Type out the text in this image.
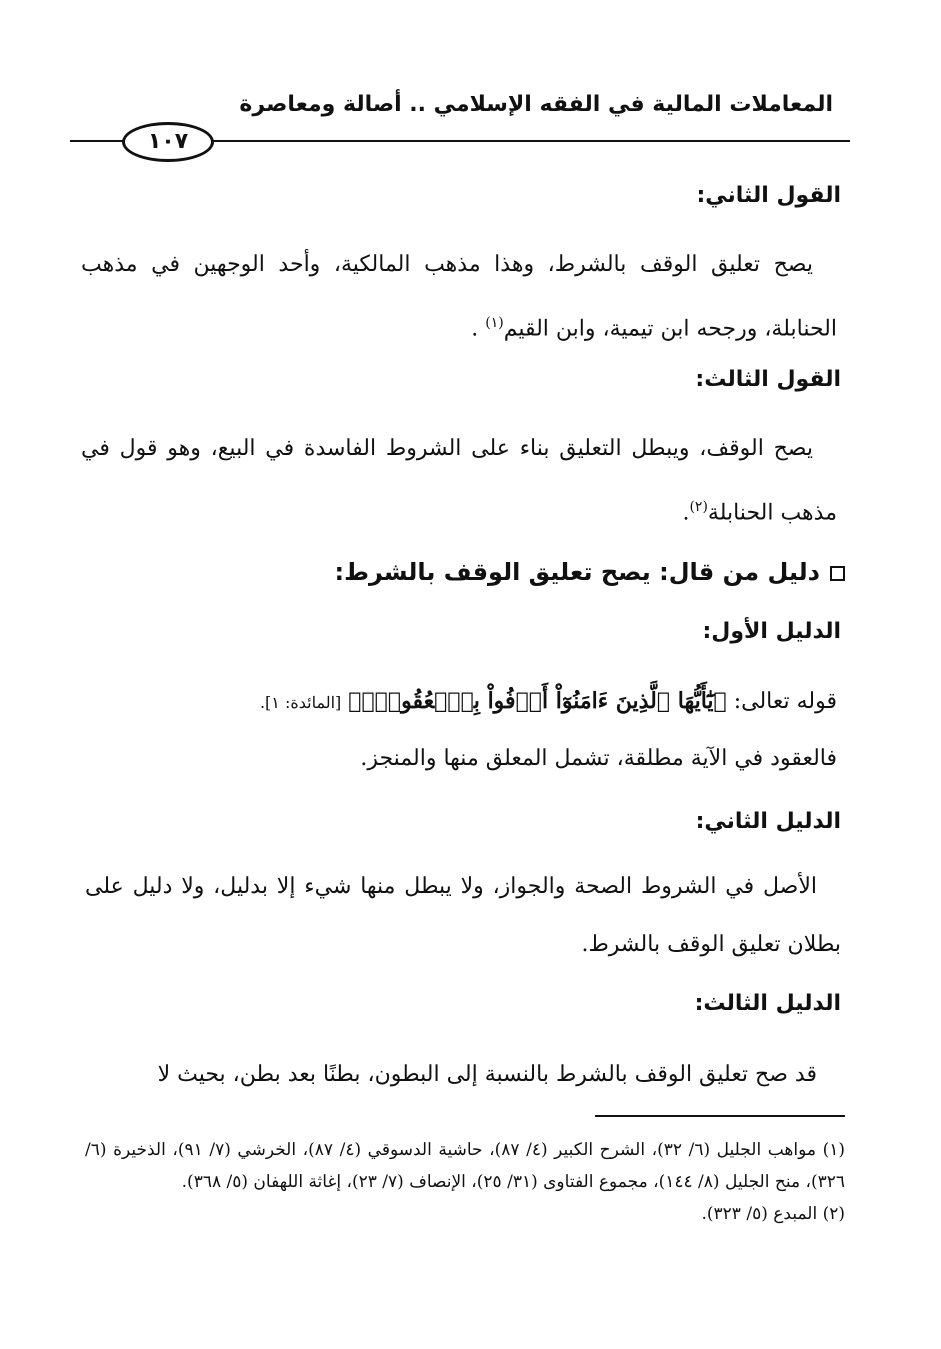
المعاملات المالية في الفقه الإسلامي .. أصالة ومعاصرة
١٠٧
القول الثاني:
يصح تعليق الوقف بالشرط، وهذا مذهب المالكية، وأحد الوجهين في مذهب الحنابلة، ورجحه ابن تيمية، وابن القيم$^{(١)}$ .
القول الثالث:
يصح الوقف، ويبطل التعليق بناء على الشروط الفاسدة في البيع، وهو قول في مذهب الحنابلة$^{(٢)}$.
دليل من قال: يصح تعليق الوقف بالشرط:
الدليل الأول:
قوله تعالى: ﴿يَٰٓأَيُّهَا ٱلَّذِينَ ءَامَنُوٓاْ أَوۡفُواْ بِٱلۡعُقُودِۚ﴾ [المائدة: ١].
فالعقود في الآية مطلقة، تشمل المعلق منها والمنجز.
الدليل الثاني:
الأصل في الشروط الصحة والجواز، ولا يبطل منها شيء إلا بدليل، ولا دليل على بطلان تعليق الوقف بالشرط.
الدليل الثالث:
قد صح تعليق الوقف بالشرط بالنسبة إلى البطون، بطنًا بعد بطن، بحيث لا
(١) مواهب الجليل (٦/ ٣٢)، الشرح الكبير (٤/ ٨٧)، حاشية الدسوقي (٤/ ٨٧)، الخرشي (٧/ ٩١)، الذخيرة (٦/ ٣٢٦)، منح الجليل (٨/ ١٤٤)، مجموع الفتاوى (٣١/ ٢٥)، الإنصاف (٧/ ٢٣)، إغاثة اللهفان (٥/ ٣٦٨).
(٢) المبدع (٥/ ٣٢٣).
